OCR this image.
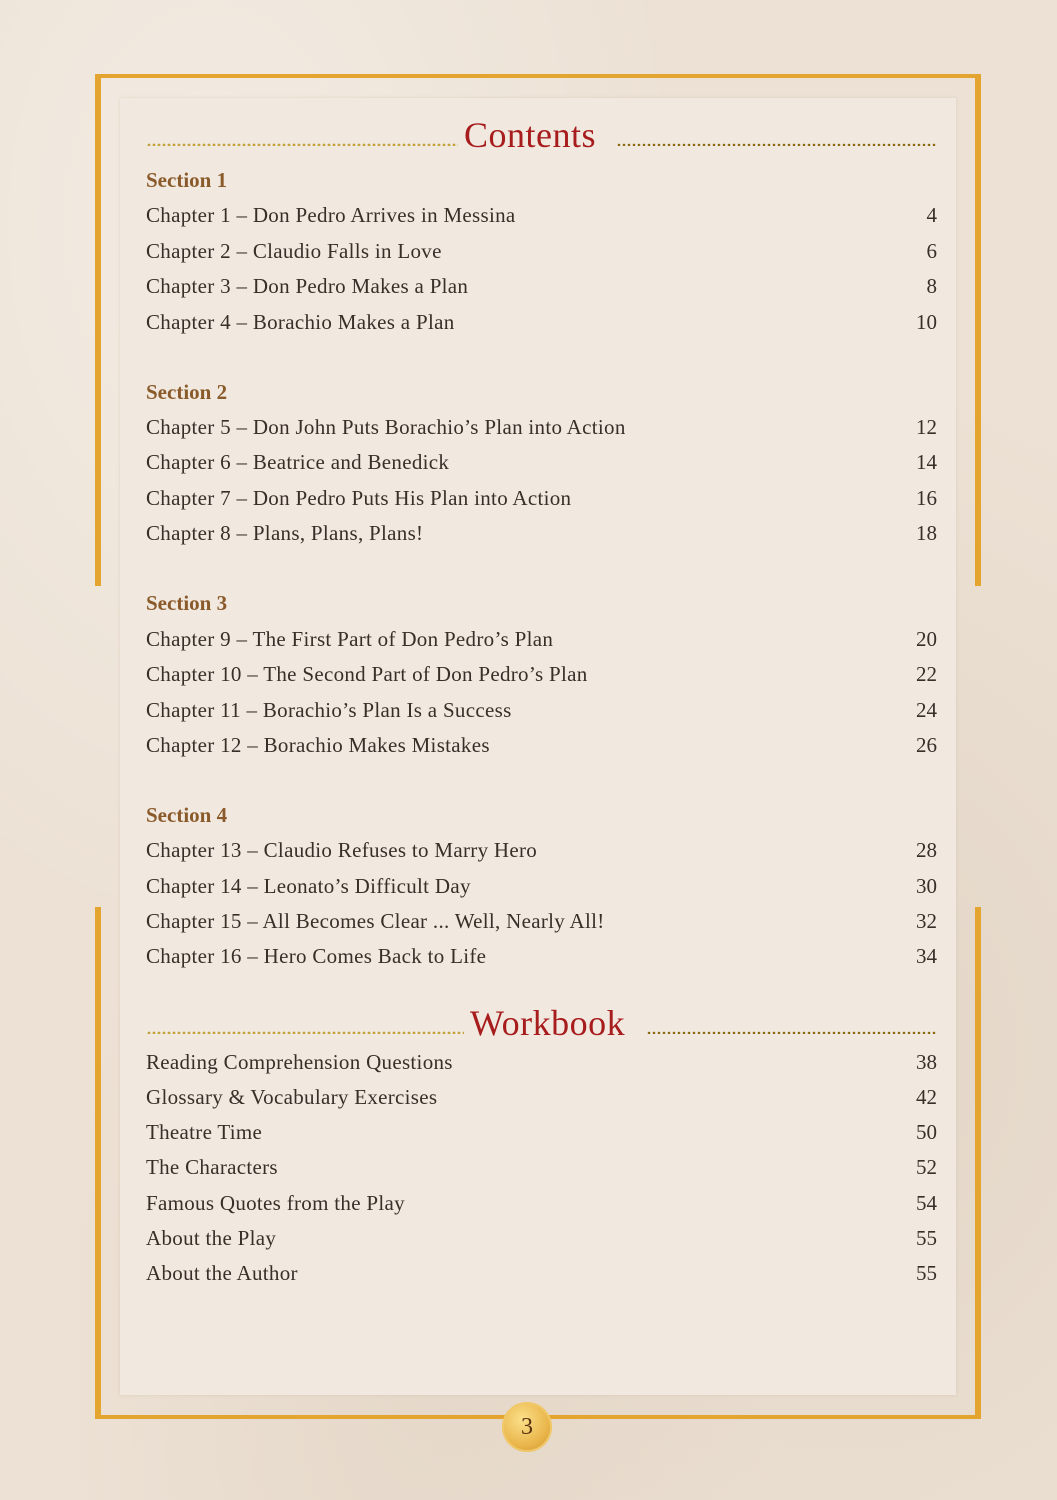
Contents
Section 1
Chapter 1 – Don Pedro Arrives in Messina	4
Chapter 2 – Claudio Falls in Love	6
Chapter 3 – Don Pedro Makes a Plan	8
Chapter 4 – Borachio Makes a Plan	10
Section 2
Chapter 5 – Don John Puts Borachio’s Plan into Action	12
Chapter 6 – Beatrice and Benedick	14
Chapter 7 – Don Pedro Puts His Plan into Action	16
Chapter 8 – Plans, Plans, Plans!	18
Section 3
Chapter 9 – The First Part of Don Pedro’s Plan	20
Chapter 10 – The Second Part of Don Pedro’s Plan	22
Chapter 11 – Borachio’s Plan Is a Success	24
Chapter 12 – Borachio Makes Mistakes	26
Section 4
Chapter 13 – Claudio Refuses to Marry Hero	28
Chapter 14 – Leonato’s Difficult Day	30
Chapter 15 – All Becomes Clear ... Well, Nearly All!	32
Chapter 16 – Hero Comes Back to Life	34
Workbook
Reading Comprehension Questions	38
Glossary & Vocabulary Exercises	42
Theatre Time	50
The Characters	52
Famous Quotes from the Play	54
About the Play	55
About the Author	55
3
